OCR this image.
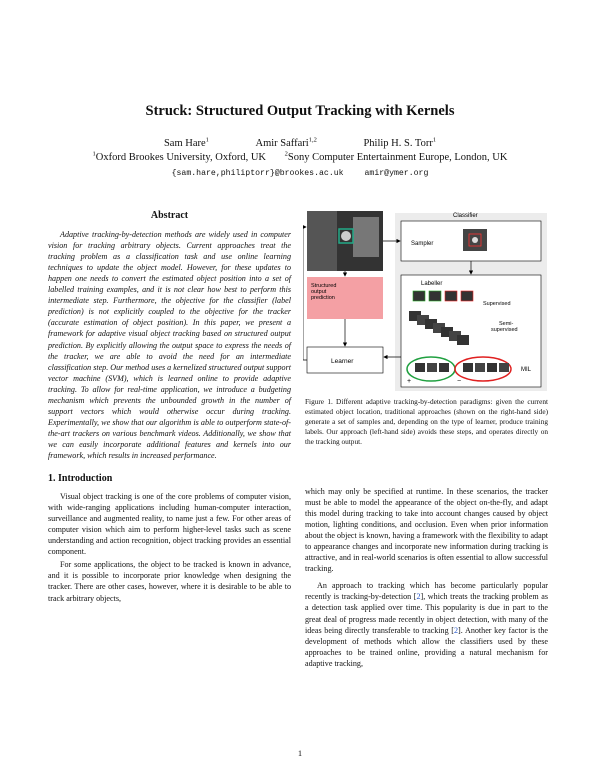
Struck: Structured Output Tracking with Kernels
Sam Hare$^1$	Amir Saffari$^{1,2}$	Philip H. S. Torr$^1$
$^1$Oxford Brookes University, Oxford, UK	$^2$Sony Computer Entertainment Europe, London, UK
{sam.hare,philiptorr}@brookes.ac.uk	amir@ymer.org
Abstract

Adaptive tracking-by-detection methods are widely used in computer vision for tracking arbitrary objects. Current approaches treat the tracking problem as a classification task and use online learning techniques to update the object model. However, for these updates to happen one needs to convert the estimated object position into a set of labelled training examples, and it is not clear how best to perform this intermediate step. Furthermore, the objective for the classifier (label prediction) is not explicitly coupled to the objective for the tracker (accurate estimation of object position). In this paper, we present a framework for adaptive visual object tracking based on structured output prediction. By explicitly allowing the output space to express the needs of the tracker, we are able to avoid the need for an intermediate classification step. Our method uses a kernelized structured output support vector machine (SVM), which is learned online to provide adaptive tracking. To allow for real-time application, we introduce a budgeting mechanism which prevents the unbounded growth in the number of support vectors which would otherwise occur during tracking. Experimentally, we show that our algorithm is able to outperform state-of-the-art trackers on various benchmark videos. Additionally, we show that we can easily incorporate additional features and kernels into our framework, which results in increased performance.

1. Introduction

Visual object tracking is one of the core problems of computer vision, with wide-ranging applications including human-computer interaction, surveillance and augmented reality, to name just a few. For other areas of computer vision which aim to perform higher-level tasks such as scene understanding and action recognition, object tracking provides an essential component.

For some applications, the object to be tracked is known in advance, and it is possible to incorporate prior knowledge when designing the tracker. There are other cases, however, where it is desirable to be able to track arbitrary objects,

Classifier
Sampler
Structured
output
prediction
Labeller
Supervised
Semi-
supervised
MIL
+	−
Learner
Figure 1. Different adaptive tracking-by-detection paradigms: given the current estimated object location, traditional approaches (shown on the right-hand side) generate a set of samples and, depending on the type of learner, produce training labels. Our approach (left-hand side) avoids these steps, and operates directly on the tracking output.

which may only be specified at runtime. In these scenarios, the tracker must be able to model the appearance of the object on-the-fly, and adapt this model during tracking to take into account changes caused by object motion, lighting conditions, and occlusion. Even when prior information about the object is known, having a framework with the flexibility to adapt to appearance changes and incorporate new information during tracking is attractive, and in real-world scenarios is often essential to allow successful tracking.

An approach to tracking which has become particularly popular recently is tracking-by-detection [2], which treats the tracking problem as a detection task applied over time. This popularity is due in part to the great deal of progress made recently in object detection, with many of the ideas being directly transferable to tracking [2]. Another key factor is the development of methods which allow the classifiers used by these approaches to be trained online, providing a natural mechanism for adaptive tracking,

1
